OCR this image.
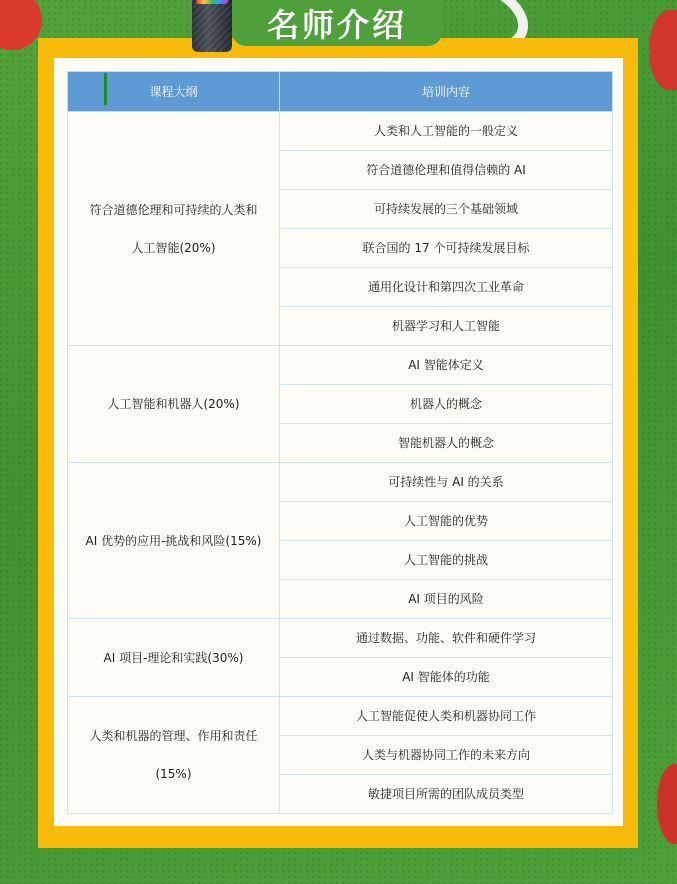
名师介绍
课程大纲	培训内容

符合道德伦理和可持续的人类和
人工智能(20%)	人类和人工智能的一般定义
	符合道德伦理和值得信赖的 AI
	可持续发展的三个基础领域
	联合国的 17 个可持续发展目标
	通用化设计和第四次工业革命
	机器学习和人工智能

人工智能和机器人(20%)	AI 智能体定义
	机器人的概念
	智能机器人的概念

AI 优势的应用-挑战和风险(15%)	可持续性与 AI 的关系
	人工智能的优势
	人工智能的挑战
	AI 项目的风险

AI 项目-理论和实践(30%)	通过数据、功能、软件和硬件学习
	AI 智能体的功能

人类和机器的管理、作用和责任
(15%)	人工智能促使人类和机器协同工作
	人类与机器协同工作的未来方向
	敏捷项目所需的团队成员类型
